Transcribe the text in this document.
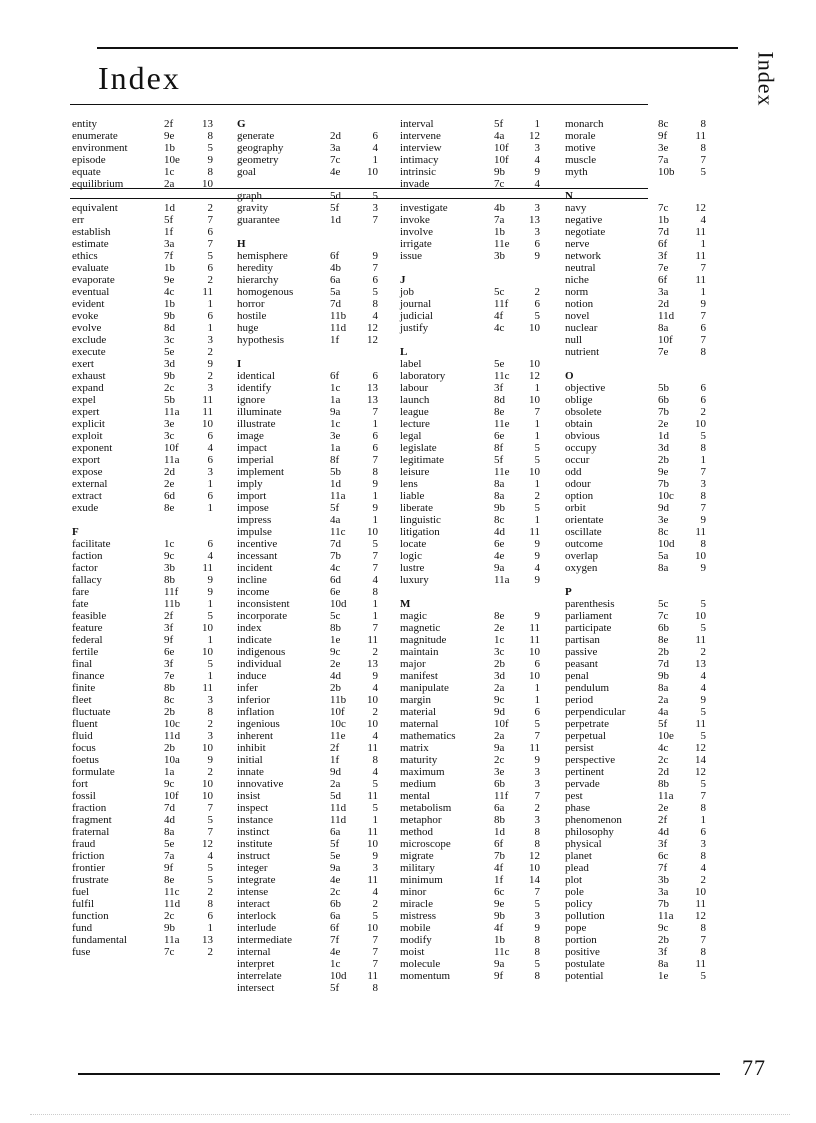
Index	Index
entity	2f	13
enumerate	9e	8
environment	1b	5
episode	10e	9
equate	1c	8
equilibrium	2a	10
equivalent	1d	2
err	5f	7
establish	1f	6
estimate	3a	7
ethics	7f	5
evaluate	1b	6
evaporate	9e	2
eventual	4c	11
evident	1b	1
evoke	9b	6
evolve	8d	1
exclude	3c	3
execute	5e	2
exert	3d	9
exhaust	9b	2
expand	2c	3
expel	5b	11
expert	11a	11
explicit	3e	10
exploit	3c	6
exponent	10f	4
export	11a	6
expose	2d	3
external	2e	1
extract	6d	6
exude	8e	1
F
facilitate	1c	6
faction	9c	4
factor	3b	11
fallacy	8b	9
fare	11f	9
fate	11b	1
feasible	2f	5
feature	3f	10
federal	9f	1
fertile	6e	10
final	3f	5
finance	7e	1
finite	8b	11
fleet	8c	3
fluctuate	2b	8
fluent	10c	2
fluid	11d	3
focus	2b	10
foetus	10a	9
formulate	1a	2
fort	9c	10
fossil	10f	10
fraction	7d	7
fragment	4d	5
fraternal	8a	7
fraud	5e	12
friction	7a	4
frontier	9f	5
frustrate	8e	5
fuel	11c	2
fulfil	11d	8
function	2c	6
fund	9b	1
fundamental	11a	13
fuse	7c	2
G
generate	2d	6
geography	3a	4
geometry	7c	1
goal	4e	10
graph	5d	5
gravity	5f	3
guarantee	1d	7
H
hemisphere	6f	9
heredity	4b	7
hierarchy	6a	6
homogenous	5a	5
horror	7d	8
hostile	11b	4
huge	11d	12
hypothesis	1f	12
I
identical	6f	6
identify	1c	13
ignore	1a	13
illuminate	9a	7
illustrate	1c	1
image	3e	6
impact	1a	6
imperial	8f	7
implement	5b	8
imply	1d	9
import	11a	1
impose	5f	9
impress	4a	1
impulse	11c	10
incentive	7d	5
incessant	7b	7
incident	4c	7
incline	6d	4
income	6e	8
inconsistent	10d	1
incorporate	5c	1
index	8b	7
indicate	1e	11
indigenous	9c	2
individual	2e	13
induce	4d	9
infer	2b	4
inferior	11b	10
inflation	10f	2
ingenious	10c	10
inherent	11e	4
inhibit	2f	11
initial	1f	8
innate	9d	4
innovative	2a	5
insist	5d	11
inspect	11d	5
instance	11d	1
instinct	6a	11
institute	5f	10
instruct	5e	9
integer	9a	3
integrate	4e	11
intense	2c	4
interact	6b	2
interlock	6a	5
interlude	6f	10
intermediate	7f	7
internal	4e	7
interpret	1c	7
interrelate	10d	11
intersect	5f	8
interval	5f	1
intervene	4a	12
interview	10f	3
intimacy	10f	4
intrinsic	9b	9
invade	7c	4
investigate	4b	3
invoke	7a	13
involve	1b	3
irrigate	11e	6
issue	3b	9
J
job	5c	2
journal	11f	6
judicial	4f	5
justify	4c	10
L
label	5e	10
laboratory	11c	12
labour	3f	1
launch	8d	10
league	8e	7
lecture	11e	1
legal	6e	1
legislate	8f	5
legitimate	5f	5
leisure	11e	10
lens	8a	1
liable	8a	2
liberate	9b	5
linguistic	8c	1
litigation	4d	11
locate	6e	9
logic	4e	9
lustre	9a	4
luxury	11a	9
M
magic	8e	9
magnetic	2e	11
magnitude	1c	11
maintain	3c	10
major	2b	6
manifest	3d	10
manipulate	2a	1
margin	9c	1
material	9d	6
maternal	10f	5
mathematics	2a	7
matrix	9a	11
maturity	2c	9
maximum	3e	3
medium	6b	3
mental	11f	7
metabolism	6a	2
metaphor	8b	3
method	1d	8
microscope	6f	8
migrate	7b	12
military	4f	10
minimum	1f	14
minor	6c	7
miracle	9e	5
mistress	9b	3
mobile	4f	9
modify	1b	8
moist	11c	8
molecule	9a	5
momentum	9f	8
monarch	8c	8
morale	9f	11
motive	3e	8
muscle	7a	7
myth	10b	5
N
navy	7c	12
negative	1b	4
negotiate	7d	11
nerve	6f	1
network	3f	11
neutral	7e	7
niche	6f	11
norm	3a	1
notion	2d	9
novel	11d	7
nuclear	8a	6
null	10f	7
nutrient	7e	8
O
objective	5b	6
oblige	6b	6
obsolete	7b	2
obtain	2e	10
obvious	1d	5
occupy	3d	8
occur	2b	1
odd	9e	7
odour	7b	3
option	10c	8
orbit	9d	7
orientate	3e	9
oscillate	8c	11
outcome	10d	8
overlap	5a	10
oxygen	8a	9
P
parenthesis	5c	5
parliament	7c	10
participate	6b	5
partisan	8e	11
passive	2b	2
peasant	7d	13
penal	9b	4
pendulum	8a	4
period	2a	9
perpendicular	4a	5
perpetrate	5f	11
perpetual	10e	5
persist	4c	12
perspective	2c	14
pertinent	2d	12
pervade	8b	5
pest	11a	7
phase	2e	8
phenomenon	2f	1
philosophy	4d	6
physical	3f	3
planet	6c	8
plead	7f	4
plot	3b	2
pole	3a	10
policy	7b	11
pollution	11a	12
pope	9c	8
portion	2b	7
positive	3f	8
postulate	8a	11
potential	1e	5
77
